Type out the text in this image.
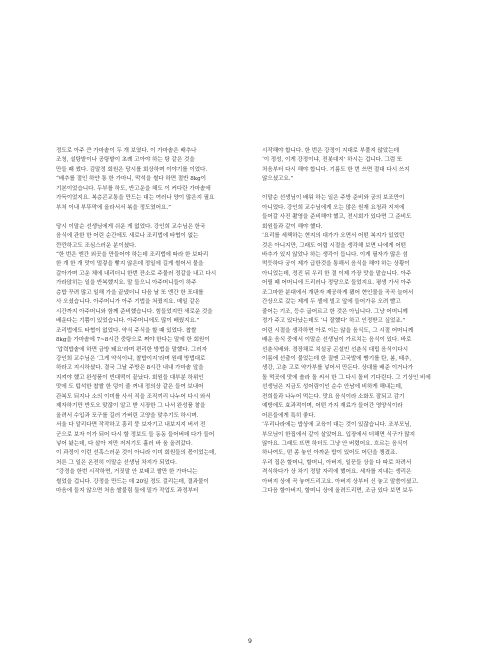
정도로 아주 큰 가마솥이 두 개 보였다. 이 가마솥은 배추나
조청, 설탕밭이나 공탕밭이 초례 고아야 하는 탕 같은 것을
만들 때 썼다. 김말정 회원은 당시를 회상하며 이야기를 이었다.
“배추를 절인 하얀 통 한 가마니, 막석을 썰다 하면 절반 8kg이
기본이었습니다. 두부를 하도, 반고운을 해도 이 커다란 가마솥에
가득이었지요. 복층콘교통을 만드는 대는 여러나 양이 많은지 필요
부처 이내 부뚜막에 올라서서 볶을 정도였어요.”
당시 이말순 선생님에게 쉬운 게 없었다. 강인희 교수님은 한국
음식에 관한 한 어린 순간에도 새로나 조리법에 타협이 없는
깐깐하고도 조심스러운 분이셨다.
“한 번은 엔간 외곳을 만들어야 하는데 조리법에 따라 한 보따리
한 개 한 개 맛이 멀겋을 빻지 않은데 정일에 길게 썰어서 물을
갈아가며 고운 체에 내리더니 한번 잔소로 주물러 정갈을 내고 다시
가라앉히는 일을 반복했지요. 말 들으니 아주머니들이 하주
층밥 꾸려 많고 일해 가을 끝냈더니 다음 날 또 엔간 한 포대를
사 오셨습니다. 아주머니가 아주 기법을 쳐줬지요. 매일 같은
시간까지 아주머니와 함께 준비했습니다. 힘들었지만 새로운 것을
배운다는 기쁨이 있었습니다. 아주머니에도 많이 배웠지요.”
조리법에도 타협이 없었다. 약식 주식을 할 때 있었다. 찹쌀
8kg을 가마솥에 7~8시간 중탕으로 쪄야 한다는 말에 한 회원이
‘압력밥솥에 하면 금방 돼요’라며 편리한 방법을 말했다. 그러자
강인희 교수님은 ‘그게 약식이냐, 찰밥이지’라며 원래 방법대로
하라고 지시하셨다. 결국 그날 주방은 8시간 내내 가마솥 앞을
지켜야 했고 완성품이 빈대떡이 끝났다. 회원들 대부분 하위인
맛에 도 텁석한 찹쌀 한 덩이 줄 꺼내 정의상 같은 들여 보내어
관복도 되지나 소의 이미를 사서 직을 조직끼리 나누어 다시 와서
제자하기만 반도오 맞잖이 알고 받 시장한 그 나서 완성품 찰을
올려서 수입과 포구를 길러 가버린 고양을 맞추기도 하시며.
서울 다 알리다면 작작하고 흥리 뚱 보자기고 내보지지 버셔 전
군으로 보자 이가 되어 다시 할 정보도 들 동동 들어버데 다가 들어
넣어 놨는데, 다 살아 저만 저저기도 흘러 바 움 올려갔다.
이 과정이 이런 선혹스러운 것이 아니라 이미 회원들의 몫이었는데,
처른 그 일은 온전히 이말순 선생님 차지가 되었다.
“강정을 한번 시작하면, 거짓말 안 보태고 쌀만 한 가마니는
썰었을 겁니다. 강정을 만드는 데 20일 정도 걸리는데, 결과물이
마음에 들지 않으면 처음 쌀불림 둘에 밑가 작업도 과정부터
시작해야 합니다. 한 번은 강정이 지대로 부풀지 않았는데
‘이 정성, 이게 강정이냐, 전봇대지’ 하시는 겁니다. 그럼 또
처음부터 다시 해야 합니다. 기름도 한 번 쓰면 절대 다시 쓰지
않으셨고요.”
이말순 선생님이 배워 하는 일은 주방 준비와 궁의 보조만이
아니었다. 강인희 교수님에게 오는 많은 원재 요청과 지저에
들어갈 사진 촬영을 준비해야 했고, 전시회가 있다면 그 준비도
회원들과 같이 해야 했다.
‘요리를 세책하는 현지의 대가가 오면서 어떤 복지가 있었던
것은 아니지만, 그래도 어렵 시절을 생각해 보면 나에게 어떤
바추가 있지 않았나 하는 생각이 듭니다. 이게 필자가 많은 섬
먹듯하다 궁이 제가 급한것을 통해서 음식을 해야 하는 상황이
아니었는데, 정진 뒤 우리 한 결 이제 가장 맛을 맡습니다. 아주
어릴 때 어머니에 드리러나 정당으로 들었지요. 평생 가서 아주
조그마한 분대에서 개판자 제공하게 됐어 현인물을 곡곡 늘어서
간상으로 갔는 제게 두 셀에 빌고 앞에 들어가유 오려 빨고
줄어는 기조, 등수 굽어르고 한 것은 아닙니다. 그냥 어머니께
정가 주고 있다났는데도 ‘니 잘했다’ 하고 인정받고 싶었죠.”
어린 시절을 생각하면 아로 이는 않을 음식도, 그 시절 어머니께
배운 음식 중에서 이말순 선생님이 가르치는 음식이 있다. 바로
선춘식배와. 경장채로 치설궁 곤설빈 선춘식 대립 음식이다시
이름에 선출이 불었는데 한 질맨 고국발에 빵기를 탄, 봄, 태추,
생강, 고춘 고로 약가부를 넣어서 만든다. 상대를 배준 이거나가
돌 먹곳에 맛에 솔라 돌 씨서 한 그 다시 돌비 기다린다. 그 기상인 비에
선생님은 지금도 성어림이인 순수 안남에 비하게 해내는데,
전희들과 나누어 먹는다. 맛요 음식이라 소화도 잘되고 감기
예방에도 효과적이며, 어떤 가지 재료가 들어간 영양식이라
어른들에게 특히 좋다.
‘우리나라에는 밥상에 교육이 대는 것이 있잖습니다. 조부모님,
부모님이 한집에서 같이 살았어요. 입장에서 더해면 식구가 많지
않아요. 그래도 뜨면 하더도 그냥 안 버렸어요. 흐르는 음식이
하나여도, 떤 좀 놓인 아까운 밥이 있어도 어딘을 챙겼죠.
우리 집은 할머니, 할머니, 아버지, 일꾼들 상을 다 따로 차려서
격식하다가 상 차기 정말 자리에 했어요. 세자를 지내는 생리은
아버지 상에 곡 놓여드리고요. 아버지 상부터 신 놓고 말씀이셨고.
그다음 할아버지, 할머니 상에 올려드리면, 조금 있다 보면 보두
9
